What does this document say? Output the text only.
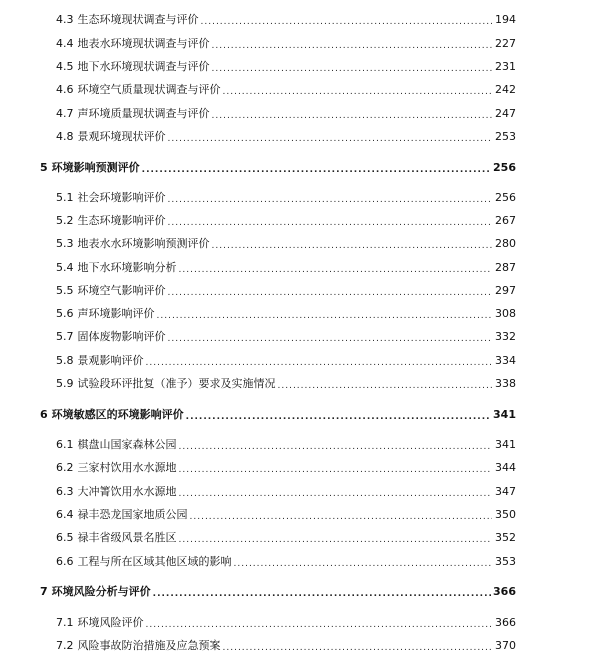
4.3 生态环境现状调查与评价 .....	194
4.4 地表水环境现状调查与评价 .....	227
4.5 地下水环境现状调查与评价 .....	231
4.6 环境空气质量现状调查与评价 .....	242
4.7 声环境质量现状调查与评价 .....	247
4.8 景观环境现状评价 .....	253
5 环境影响预测评价 .....	256
5.1 社会环境影响评价 .....	256
5.2 生态环境影响评价 .....	267
5.3 地表水水环境影响预测评价 .....	280
5.4 地下水环境影响分析 .....	287
5.5 环境空气影响评价 .....	297
5.6 声环境影响评价 .....	308
5.7 固体废物影响评价 .....	332
5.8 景观影响评价 .....	334
5.9 试验段环评批复（准予）要求及实施情况 .....	338
6 环境敏感区的环境影响评价 .....	341
6.1 棋盘山国家森林公园 .....	341
6.2 三家村饮用水水源地 .....	344
6.3 大冲箐饮用水水源地 .....	347
6.4 禄丰恐龙国家地质公园 .....	350
6.5 禄丰省级风景名胜区 .....	352
6.6 工程与所在区域其他区域的影响 .....	353
7 环境风险分析与评价 .....	366
7.1 环境风险评价 .....	366
7.2 风险事故防治措施及应急预案 .....	370
